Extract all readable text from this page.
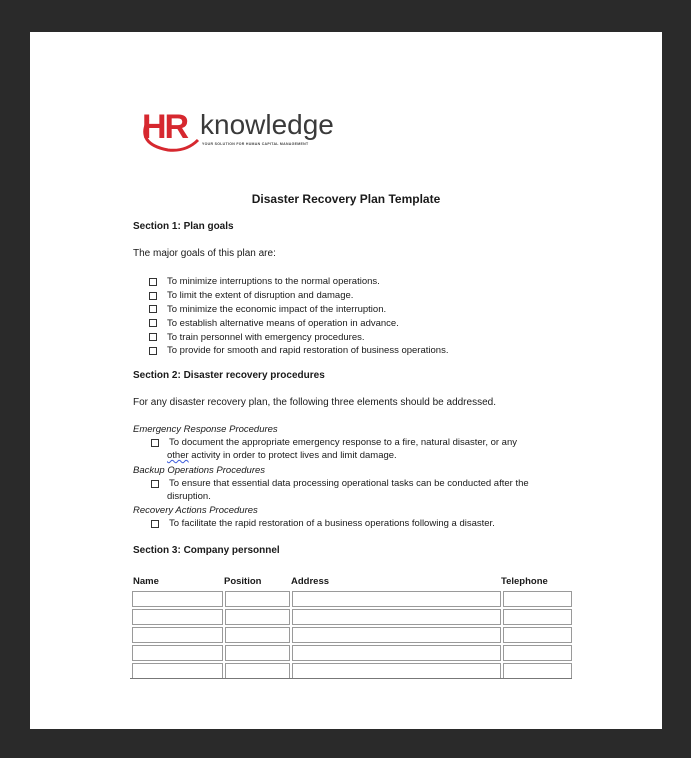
HR knowledge
YOUR SOLUTION FOR HUMAN CAPITAL MANAGEMENT
Disaster Recovery Plan Template
Section 1: Plan goals
The major goals of this plan are:
To minimize interruptions to the normal operations.
To limit the extent of disruption and damage.
To minimize the economic impact of the interruption.
To establish alternative means of operation in advance.
To train personnel with emergency procedures.
To provide for smooth and rapid restoration of business operations.
Section 2: Disaster recovery procedures
For any disaster recovery plan, the following three elements should be addressed.
Emergency Response Procedures
To document the appropriate emergency response to a fire, natural disaster, or any
other activity in order to protect lives and limit damage.
Backup Operations Procedures
To ensure that essential data processing operational tasks can be conducted after the
disruption.
Recovery Actions Procedures
To facilitate the rapid restoration of a business operations following a disaster.
Section 3: Company personnel
Name	Position	Address	Telephone
